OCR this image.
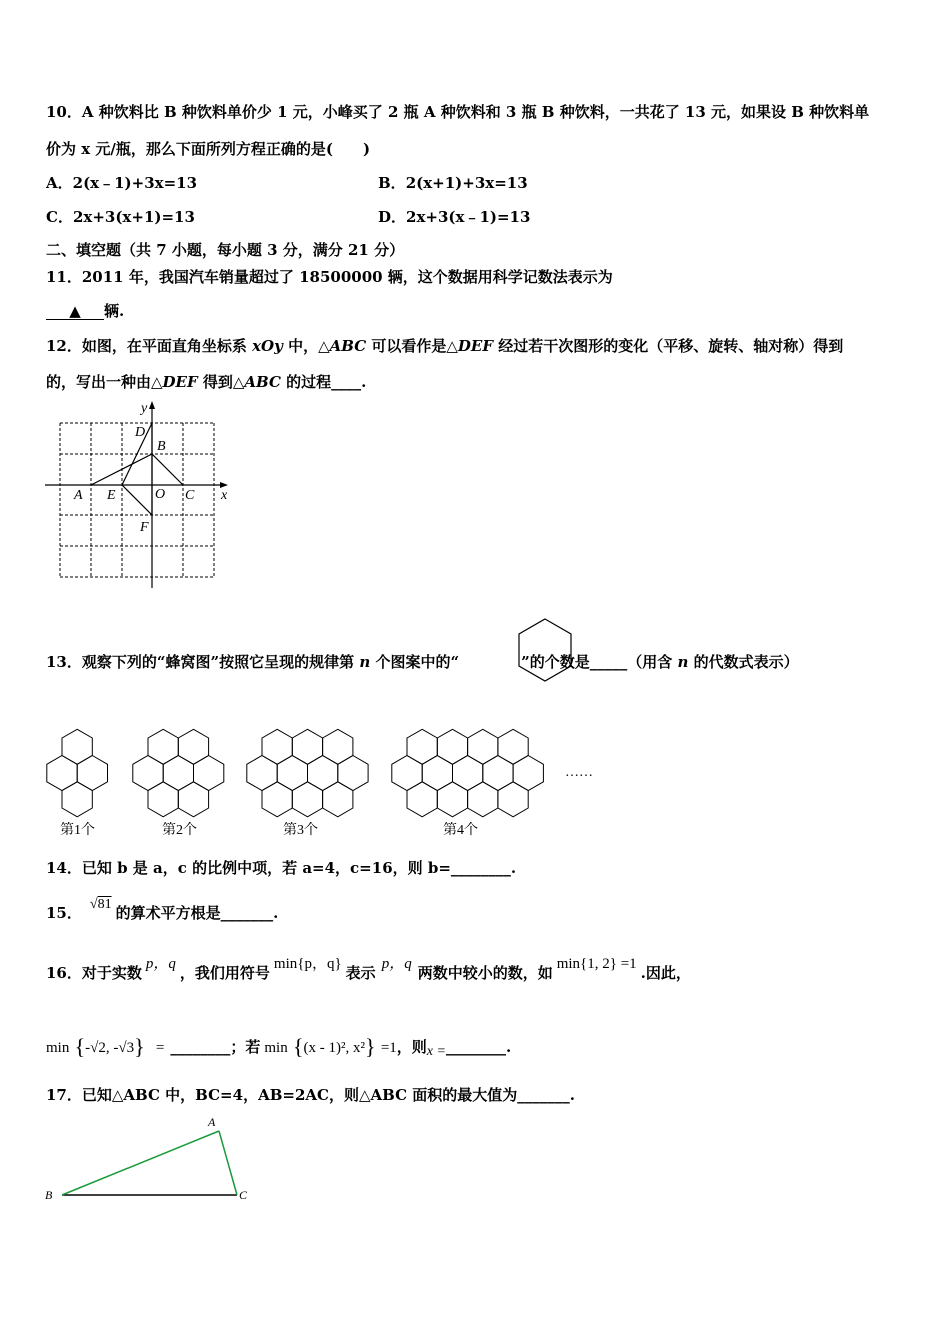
10．A 种饮料比 B 种饮料单价少 1 元，小峰买了 2 瓶 A 种饮料和 3 瓶 B 种饮料，一共花了 13 元，如果设 B 种饮料单
价为 x 元/瓶，那么下面所列方程正确的是(　　)
A．2(x﹣1)+3x=13	B．2(x+1)+3x=13
C．2x+3(x+1)=13	D．2x+3(x﹣1)=13
二、填空题（共 7 小题，每小题 3 分，满分 21 分）
11．2011 年，我国汽车销量超过了 18500000 辆，这个数据用科学记数法表示为
▲ 辆.
12．如图，在平面直角坐标系 xOy 中，△ABC 可以看作是△DEF 经过若干次图形的变化（平移、旋转、轴对称）得到
的，写出一种由△DEF 得到△ABC 的过程____.
A
B
C
D
E
F
O	x
y
13．观察下列的“蜂窝图”按照它呈现的规律第 n 个图案中的“	”的个数是_____（用含 n 的代数式表示）
第1个	第2个	第3个	第4个
……
14．已知 b 是 a，c 的比例中项，若 a=4，c=16，则 b=________.
15． √81 的算术平方根是_______.
16．对于实数 p，q ，我们用符号 min{p，q} 表示 p，q 两数中较小的数，如 min{1, 2} =1 .因此，
min {-√2, -√3} = ________；若 min {(x - 1)², x²} =1，则x =________.
17．已知△ABC 中，BC=4，AB=2AC，则△ABC 面积的最大值为_______.
A
B	C
